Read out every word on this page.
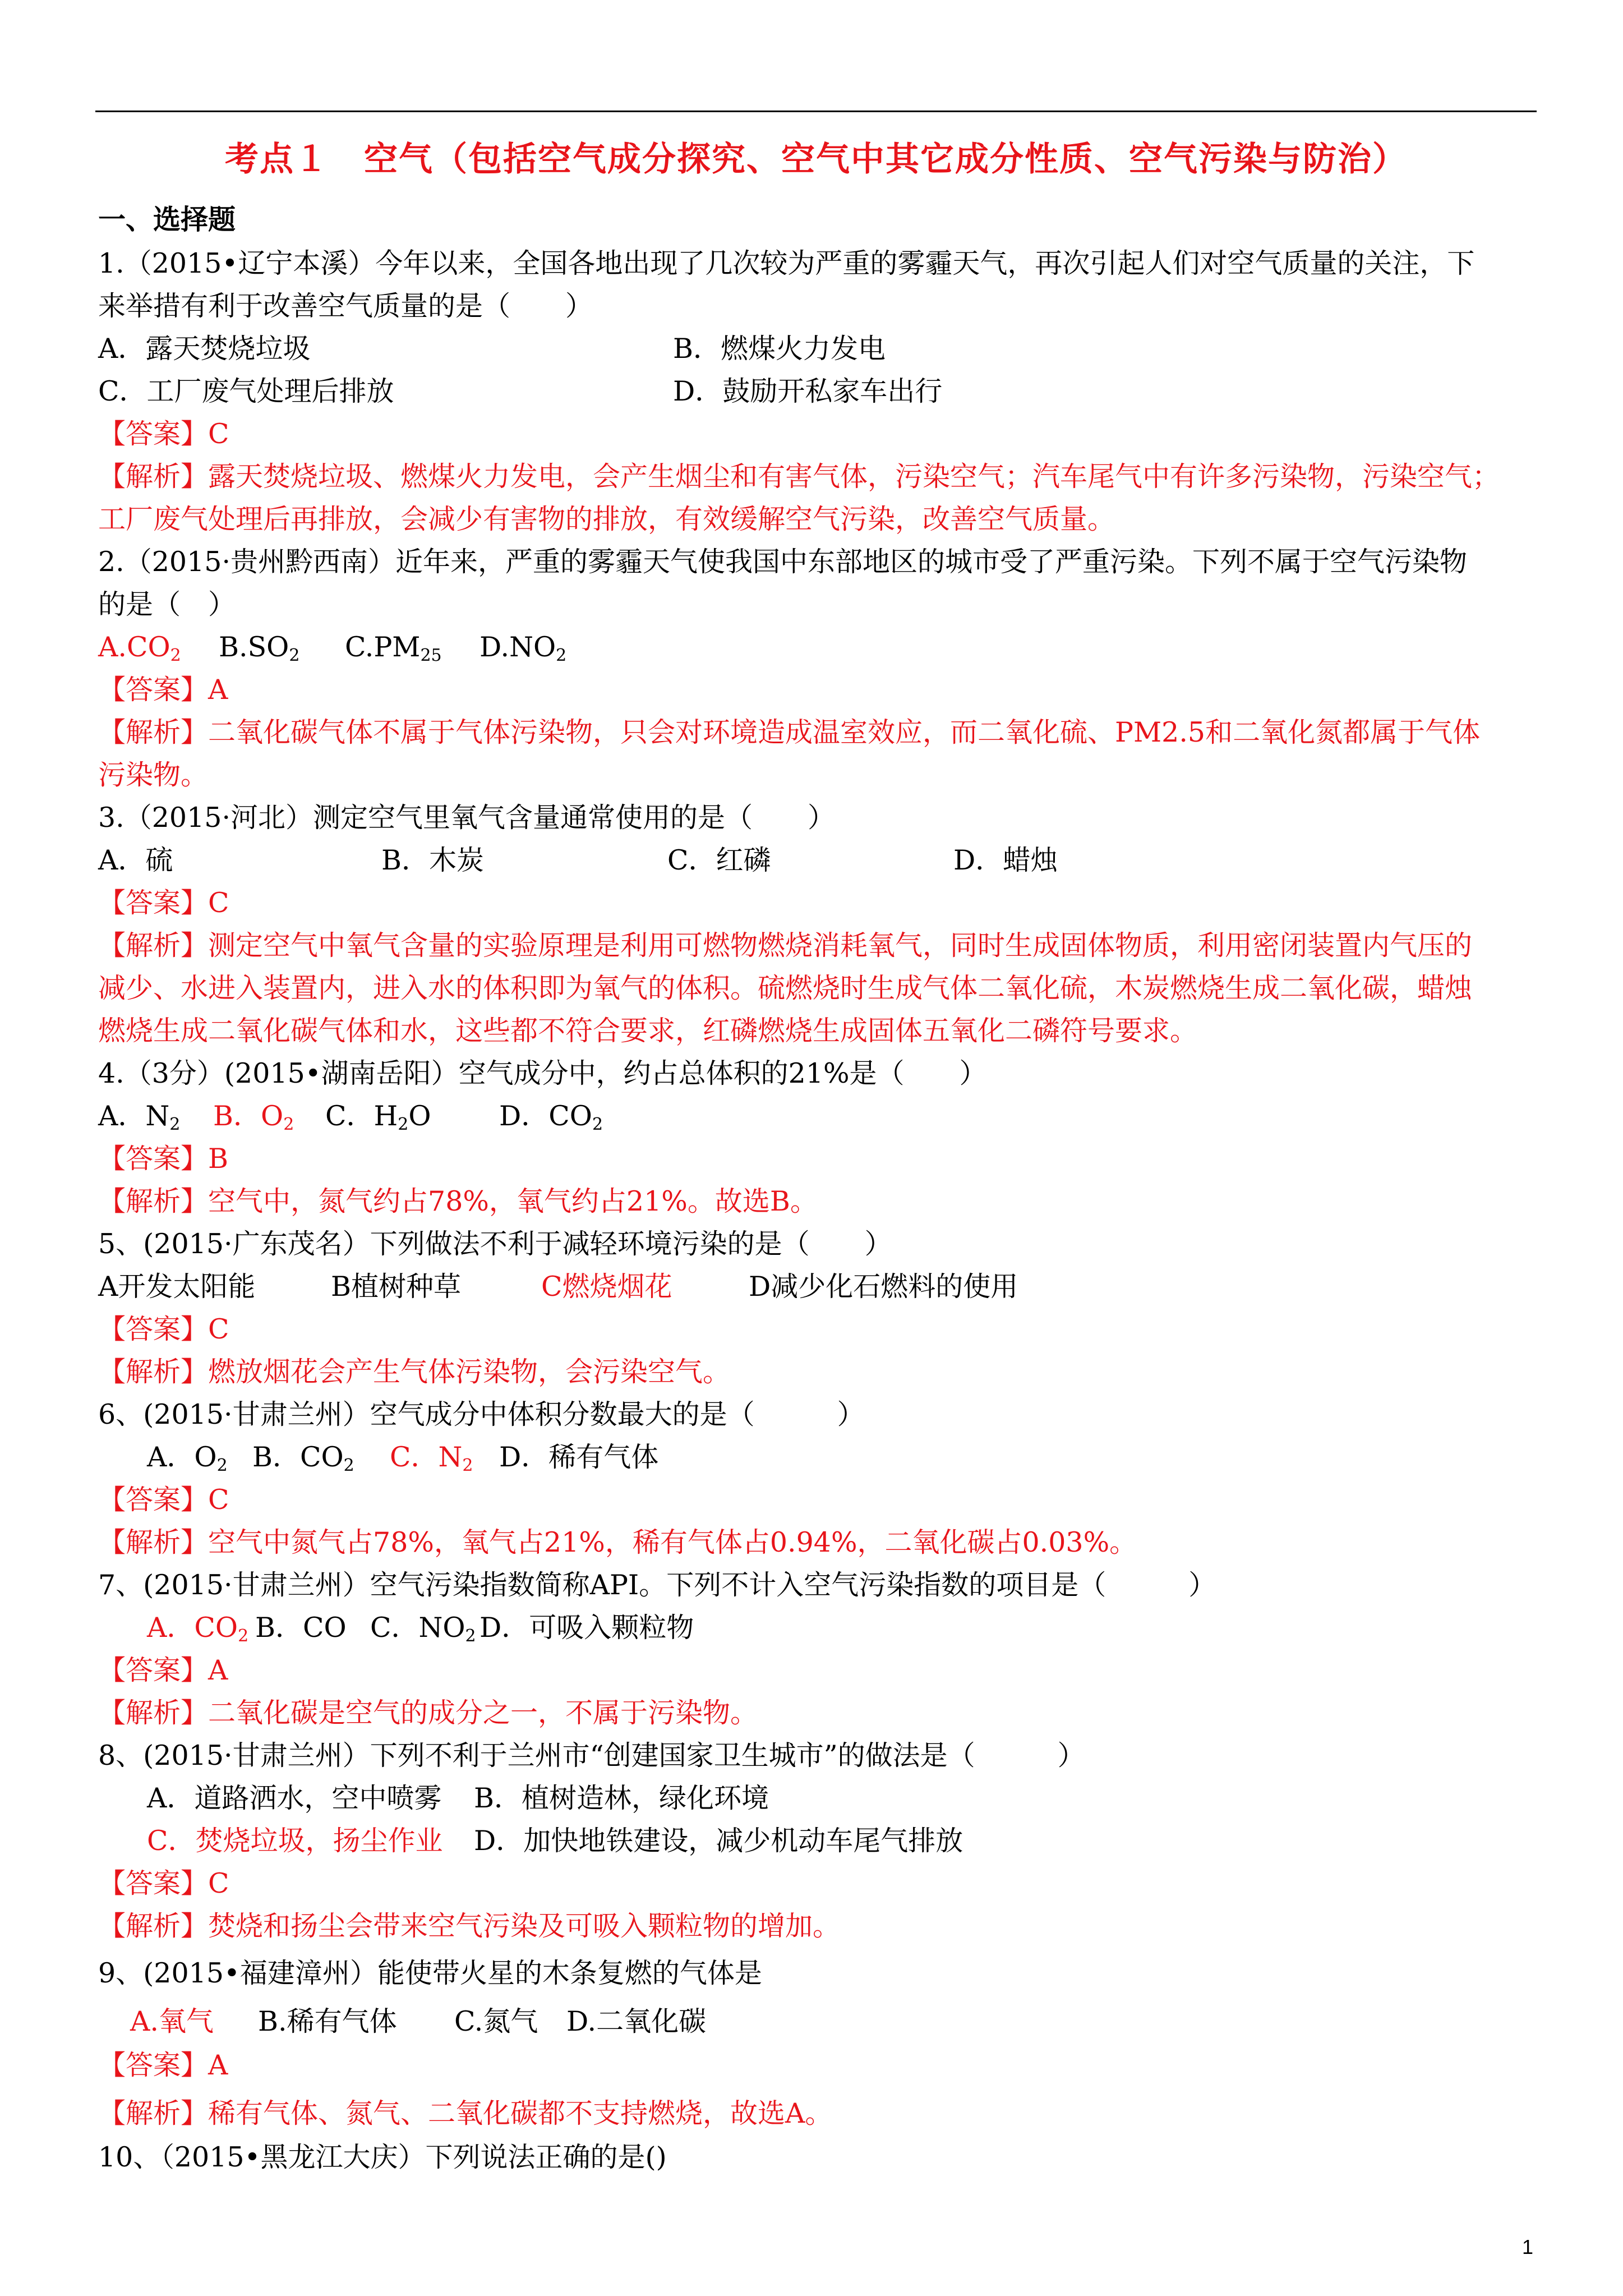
考点１　空气（包括空气成分探究、空气中其它成分性质、空气污染与防治）
一、选择题
1.（2015•辽宁本溪）今年以来，全国各地出现了几次较为严重的雾霾天气，再次引起人们对空气质量的关注，下
来举措有利于改善空气质量的是（　　）
A．露天焚烧垃圾	B．燃煤火力发电
C．工厂废气处理后排放	D．鼓励开私家车出行
【答案】C
【解析】露天焚烧垃圾、燃煤火力发电，会产生烟尘和有害气体，污染空气；汽车尾气中有许多污染物，污染空气；
工厂废气处理后再排放，会减少有害物的排放，有效缓解空气污染，改善空气质量。
2.（2015·贵州黔西南）近年来，严重的雾霾天气使我国中东部地区的城市受了严重污染。下列不属于空气污染物
的是（　）
$A.CO_2$ $B.SO_2$ $C.PM_{25}$ $D.NO_2$
【答案】A
【解析】二氧化碳气体不属于气体污染物，只会对环境造成温室效应，而二氧化硫、PM2.5和二氧化氮都属于气体
污染物。
3.（2015·河北）测定空气里氧气含量通常使用的是（　　）
A．硫	B．木炭	C．红磷	D．蜡烛
【答案】C
【解析】测定空气中氧气含量的实验原理是利用可燃物燃烧消耗氧气，同时生成固体物质，利用密闭装置内气压的
减少、水进入装置内，进入水的体积即为氧气的体积。硫燃烧时生成气体二氧化硫，木炭燃烧生成二氧化碳，蜡烛
燃烧生成二氧化碳气体和水，这些都不符合要求，红磷燃烧生成固体五氧化二磷符号要求。
4.（3分）(2015•湖南岳阳）空气成分中，约占总体积的21%是（　　）
A．$N_2$ B．$O_2$ C．$H_2O$ D．$CO_2$
【答案】B
【解析】空气中，氮气约占78%，氧气约占21%。故选B。
5、(2015·广东茂名）下列做法不利于减轻环境污染的是（　　）
A开发太阳能	B植树种草	C燃烧烟花	D减少化石燃料的使用
【答案】C
【解析】燃放烟花会产生气体污染物，会污染空气。
6、(2015·甘肃兰州）空气成分中体积分数最大的是（　　　）
A．$O_2$ B．$CO_2$ C．$N_2$ D．稀有气体
【答案】C
【解析】空气中氮气占78%，氧气占21%，稀有气体占0.94%，二氧化碳占0.03%。
7、(2015·甘肃兰州）空气污染指数简称API。下列不计入空气污染指数的项目是（　　　）
A．$CO_2$ B．CO C．$NO_2$ D．可吸入颗粒物
【答案】A
【解析】二氧化碳是空气的成分之一，不属于污染物。
8、(2015·甘肃兰州）下列不利于兰州市“创建国家卫生城市”的做法是（　　　）
A．道路洒水，空中喷雾 B．植树造林，绿化环境
C．焚烧垃圾，扬尘作业 D．加快地铁建设，减少机动车尾气排放
【答案】C
【解析】焚烧和扬尘会带来空气污染及可吸入颗粒物的增加。
9、(2015•福建漳州）能使带火星的木条复燃的气体是
A.氧气 B.稀有气体 C.氮气 D.二氧化碳
【答案】A
【解析】稀有气体、氮气、二氧化碳都不支持燃烧，故选A。
10、（2015•黑龙江大庆）下列说法正确的是()
1
